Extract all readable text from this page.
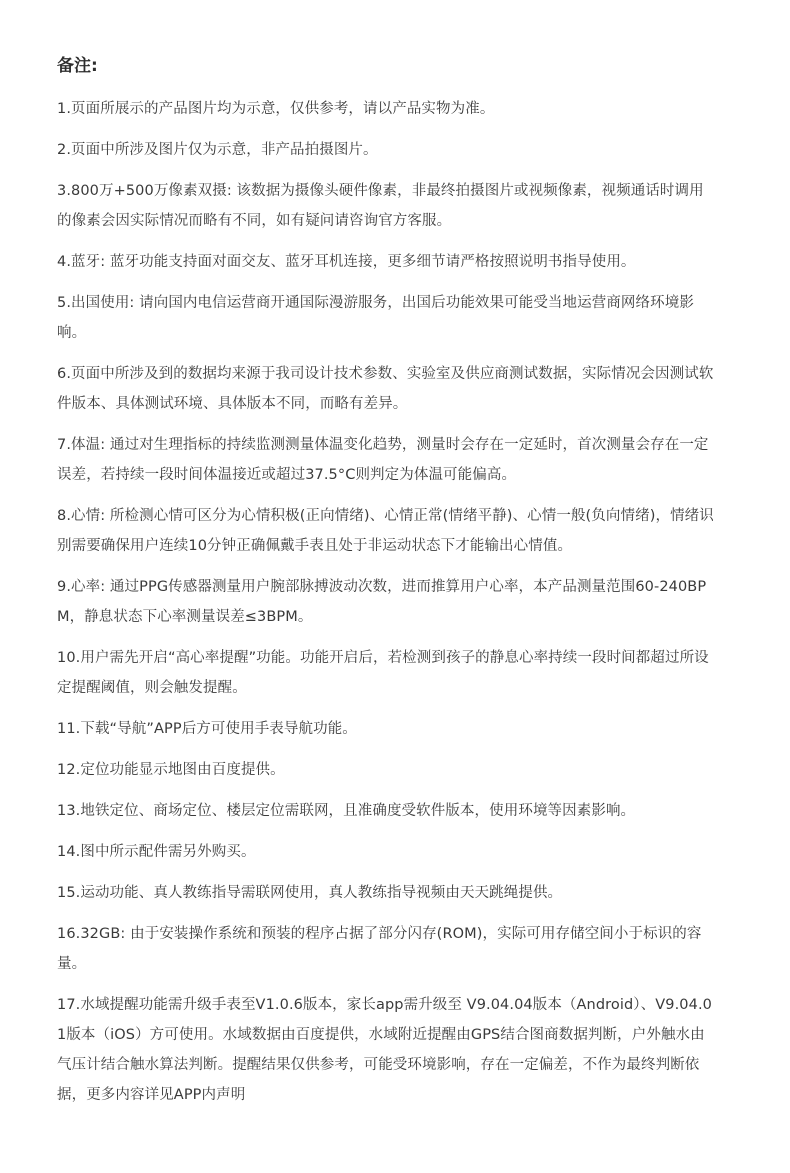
备注:
1.页面所展示的产品图片均为示意，仅供参考，请以产品实物为准。
2.页面中所涉及图片仅为示意，非产品拍摄图片。
3.800万+500万像素双摄: 该数据为摄像头硬件像素，非最终拍摄图片或视频像素，视频通话时调用的像素会因实际情况而略有不同，如有疑问请咨询官方客服。
4.蓝牙: 蓝牙功能支持面对面交友、蓝牙耳机连接，更多细节请严格按照说明书指导使用。
5.出国使用: 请向国内电信运营商开通国际漫游服务，出国后功能效果可能受当地运营商网络环境影响。
6.页面中所涉及到的数据均来源于我司设计技术参数、实验室及供应商测试数据，实际情况会因测试软件版本、具体测试环境、具体版本不同，而略有差异。
7.体温: 通过对生理指标的持续监测测量体温变化趋势，测量时会存在一定延时，首次测量会存在一定误差，若持续一段时间体温接近或超过37.5°C则判定为体温可能偏高。
8.心情: 所检测心情可区分为心情积极(正向情绪)、心情正常(情绪平静)、心情一般(负向情绪)，情绪识别需要确保用户连续10分钟正确佩戴手表且处于非运动状态下才能输出心情值。
9.心率: 通过PPG传感器测量用户腕部脉搏波动次数，进而推算用户心率，本产品测量范围60-240BPM，静息状态下心率测量误差≤3BPM。
10.用户需先开启“高心率提醒”功能。功能开启后，若检测到孩子的静息心率持续一段时间都超过所设定提醒阈值，则会触发提醒。
11.下载“导航”APP后方可使用手表导航功能。
12.定位功能显示地图由百度提供。
13.地铁定位、商场定位、楼层定位需联网，且准确度受软件版本，使用环境等因素影响。
14.图中所示配件需另外购买。
15.运动功能、真人教练指导需联网使用，真人教练指导视频由天天跳绳提供。
16.32GB: 由于安装操作系统和预装的程序占据了部分闪存(ROM)，实际可用存储空间小于标识的容量。
17.水域提醒功能需升级手表至V1.0.6版本，家长app需升级至 V9.04.04版本（Android）、V9.04.01版本（iOS）方可使用。水域数据由百度提供，水域附近提醒由GPS结合图商数据判断，户外触水由气压计结合触水算法判断。提醒结果仅供参考，可能受环境影响，存在一定偏差，不作为最终判断依据，更多内容详见APP内声明
